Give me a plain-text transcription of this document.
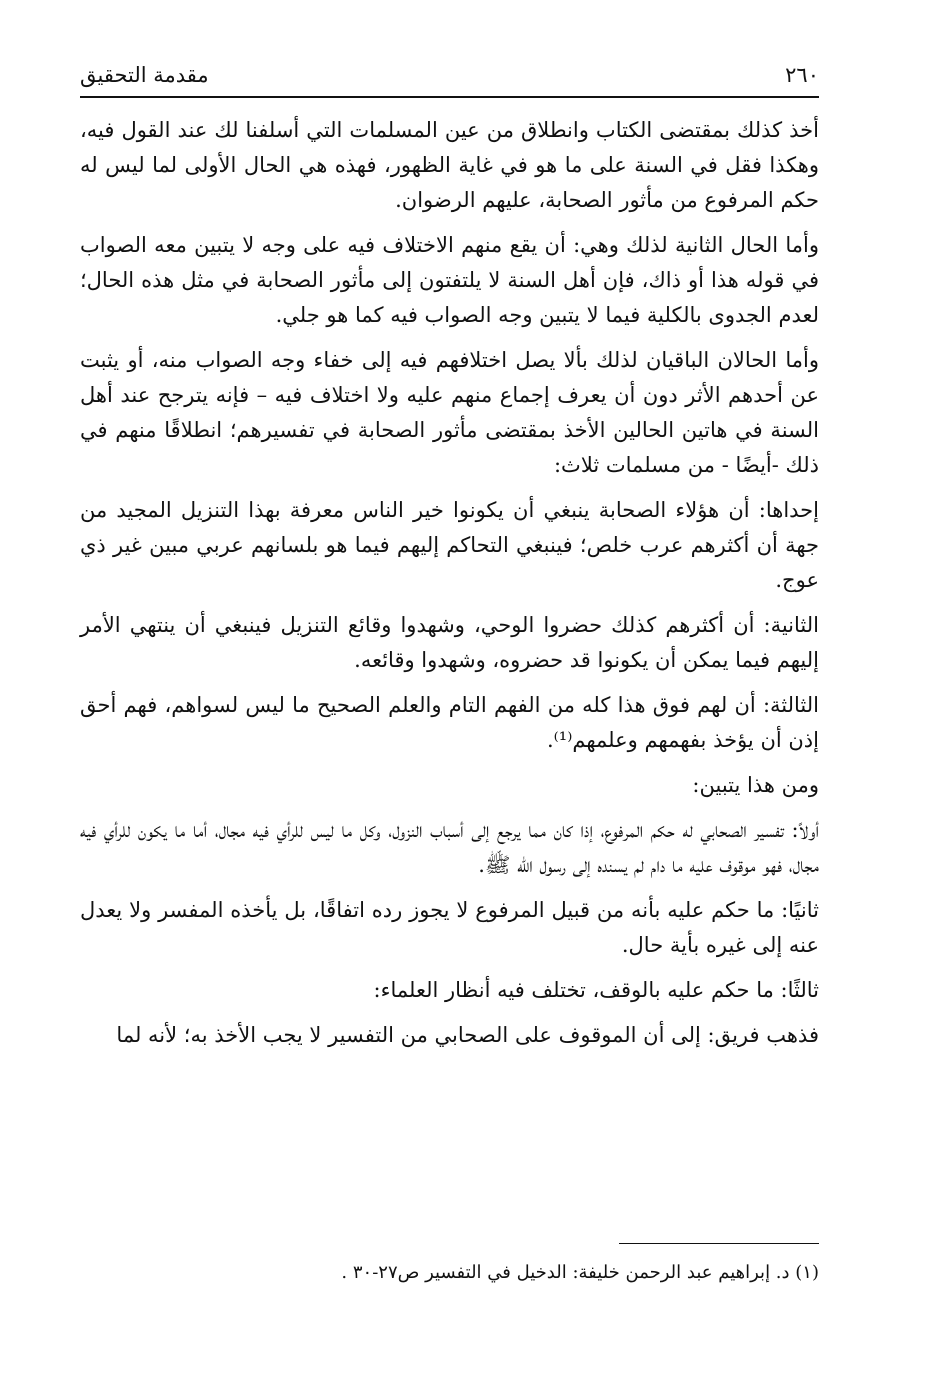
٢٦٠
مقدمة التحقيق

أخذ كذلك بمقتضى الكتاب وانطلاق من عين المسلمات التي أسلفنا لك عند القول فيه، وهكذا فقل في السنة على ما هو في غاية الظهور، فهذه هي الحال الأولى لما ليس له حكم المرفوع من مأثور الصحابة، عليهم الرضوان.

وأما الحال الثانية لذلك وهي: أن يقع منهم الاختلاف فيه على وجه لا يتبين معه الصواب في قوله هذا أو ذاك، فإن أهل السنة لا يلتفتون إلى مأثور الصحابة في مثل هذه الحال؛ لعدم الجدوى بالكلية فيما لا يتبين وجه الصواب فيه كما هو جلي.

وأما الحالان الباقيان لذلك بألا يصل اختلافهم فيه إلى خفاء وجه الصواب منه، أو يثبت عن أحدهم الأثر دون أن يعرف إجماع منهم عليه ولا اختلاف فيه – فإنه يترجح عند أهل السنة في هاتين الحالين الأخذ بمقتضى مأثور الصحابة في تفسيرهم؛ انطلاقًا منهم في ذلك -أيضًا - من مسلمات ثلاث:

إحداها: أن هؤلاء الصحابة ينبغي أن يكونوا خير الناس معرفة بهذا التنزيل المجيد من جهة أن أكثرهم عرب خلص؛ فينبغي التحاكم إليهم فيما هو بلسانهم عربي مبين غير ذي عوج.

الثانية: أن أكثرهم كذلك حضروا الوحي، وشهدوا وقائع التنزيل فينبغي أن ينتهي الأمر إليهم فيما يمكن أن يكونوا قد حضروه، وشهدوا وقائعه.

الثالثة: أن لهم فوق هذا كله من الفهم التام والعلم الصحيح ما ليس لسواهم، فهم أحق إذن أن يؤخذ بفهمهم وعلمهم⁽¹⁾.

ومن هذا يتبين:

أولاً: تفسير الصحابي له حكم المرفوع، إذا كان مما يرجع إلى أسباب النزول، وكل ما ليس للرأي فيه مجال، أما ما يكون للرأي فيه مجال، فهو موقوف عليه ما دام لم يسنده إلى رسول الله ﷺ.

ثانيًا: ما حكم عليه بأنه من قبيل المرفوع لا يجوز رده اتفاقًا، بل يأخذه المفسر ولا يعدل عنه إلى غيره بأية حال.

ثالثًا: ما حكم عليه بالوقف، تختلف فيه أنظار العلماء:

فذهب فريق: إلى أن الموقوف على الصحابي من التفسير لا يجب الأخذ به؛ لأنه لما

(١) د. إبراهيم عبد الرحمن خليفة: الدخيل في التفسير ص٢٧-٣٠ .
